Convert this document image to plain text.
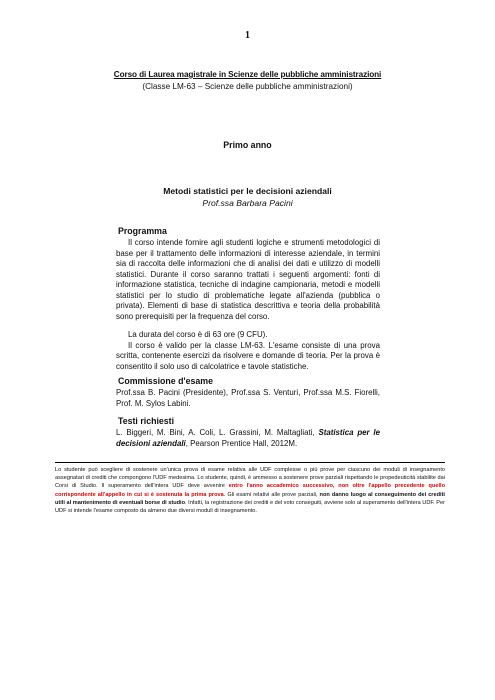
1
Corso di Laurea magistrale in Scienze delle pubbliche amministrazioni
(Classe LM-63 – Scienze delle pubbliche amministrazioni)
Primo anno
Metodi statistici per le decisioni aziendali
Prof.ssa Barbara Pacini
Programma

Il corso intende fornire agli studenti logiche e strumenti metodologici di base per il trattamento delle informazioni di interesse aziendale, in termini sia di raccolta delle informazioni che di analisi dei dati e utilizzo di modelli statistici. Durante il corso saranno trattati i seguenti argomenti: fonti di informazione statistica, tecniche di indagine campionaria, metodi e modelli statistici per lo studio di problematiche legate all'azienda (pubblica o privata). Elementi di base di statistica descrittiva e teoria della probabilità sono prerequisiti per la frequenza del corso.

La durata del corso è di 63 ore (9 CFU).

Il corso è valido per la classe LM-63. L'esame consiste di una prova scritta, contenente esercizi da risolvere e domande di teoria. Per la prova è consentito il solo uso di calcolatrice e tavole statistiche.

Commissione d'esame

Prof.ssa B. Pacini (Presidente), Prof.ssa S. Venturi, Prof.ssa M.S. Fiorelli, Prof. M. Sylos Labini.

Testi richiesti

L. Biggeri, M. Bini, A. Coli, L. Grassini, M. Maltagliati, Statistica per le decisioni aziendali, Pearson Prentice Hall, 2012M.

Lo studente può scegliere di sostenere un'unica prova di esame relativa alle UDF complesse o più prove per ciascuno dei moduli di insegnamento assegnatari di crediti che compongono l'UDF medesima. Lo studente, quindi, è ammesso a sostenere prove parziali rispettando le propedeuticità stabilite dai Corsi di Studio. Il superamento dell'intera UDF deve avvenire entro l'anno accademico successivo, non oltre l'appello precedente quello corrispondente all'appello in cui si è sostenuta la prima prova. Gli esami relativi alle prove parziali, non danno luogo al conseguimento dei crediti utili al mantenimento di eventuali borse di studio. Infatti, la registrazione dei crediti e del voto conseguiti, avviene solo al superamento dell'intera UDF. Per UDF si intende l'esame composto da almeno due diversi moduli di insegnamento.
